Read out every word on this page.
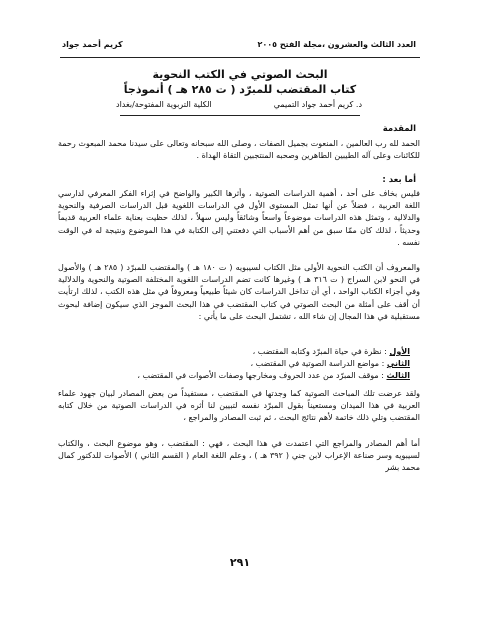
كريم أحمد جواد	العدد الثالث والعشرون ،مجلة الفتح ٢٠٠٥
البحث الصوتي في الكتب النحوية
كتاب المقتضب للمبرّد ( ت ٢٨٥ هـ ) أنموذجاً
د. كريم أحمد جواد التميمي
الكلية التربوية المفتوحة/بغداد
المقدمة
الحمد لله رب العالمين ، المنعوت بجميل الصفات ، وصلى الله سبحانه وتعالى على سيدنا محمد المبعوث رحمة للكائنات وعلى آله الطيبين الطاهرين وصحبه المنتجبين التقاة الهداة .
أما بعد :
فليس بخاف على أحد ، أهمية الدراسات الصوتية ، وأثرها الكبير والواضح في إثراء الفكر المعرفي لدارسي اللغة العربية ، فضلاً عن أنها تمثل المستوى الأول في الدراسات اللغوية قبل الدراسات الصرفية والنحوية والدلالية ، وتمثل هذه الدراسات موضوعاً واسعاً وشائقاً وليس سهلاً ، لذلك حظيت بعناية علماء العربية قديماً وحديثاً ، لذلك كان ممّا سبق من أهم الأسباب التي دفعتني إلى الكتابة في هذا الموضوع ونتيجة له في الوقت نفسه .
والمعروف أن الكتب النحوية الأولى مثل الكتاب لسيبويه ( ت ١٨٠ هـ ) والمقتضب للمبرّد ( ٢٨٥ هـ ) والأصول في النحو لابن السراج ( ت ٣١٦ هـ ) وغيرها كانت تضم الدراسات اللغوية المختلفة الصوتية والنحوية والدلالية وفي أجزاء الكتاب الواحد ، أي أن تداخل الدراسات كان شيئاً طبيعياً ومعروفاً في مثل هذه الكتب ، لذلك ارتأيت أن أقف على أمثلة من البحث الصوتي في كتاب المقتضب في هذا البحث الموجز الذي سيكون إضافة لبحوث مستقبلية في هذا المجال إن شاء الله ، تشتمل البحث على ما يأتي :
الأول : نظرة في حياة المبرّد وكتابه المقتضب ،
الثاني : مواضع الدراسة الصوتية في المقتضب ،
الثالث : موقف المبرّد من عدد الحروف ومخارجها وصفات الأصوات في المقتضب ،
ولقد عرضت تلك المباحث الصوتية كما وجدتها في المقتضب ، مستفيداً من بعض المصادر لبيان جهود علماء العربية في هذا الميدان ومستعيناً بقول المبرّد نفسه لتبيين لنا أثره في الدراسات الصوتية من خلال كتابه المقتضب وتلي ذلك خاتمة لأهم نتائج البحث ، ثم ثبت المصادر والمراجع ،
أما أهم المصادر والمراجع التي اعتمدت في هذا البحث ، فهي : المقتضب ، وهو موضوع البحث ، والكتاب لسيبويه وسر صناعة الإعراب لابن جني ( ٣٩٢ هـ ) ، وعلم اللغة العام ( القسم الثاني ) الأصوات للدكتور كمال محمد بشر
٢٩١
